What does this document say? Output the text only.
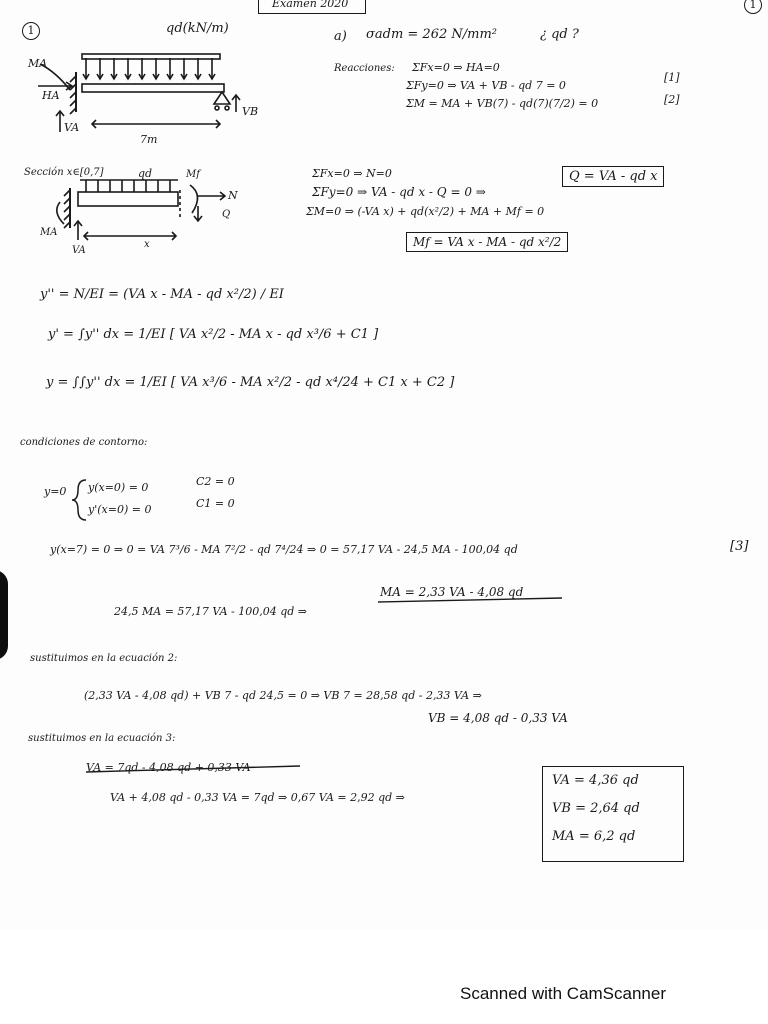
Examen 2020
1
1
qd(kN/m)
MA
HA
VA
VB
7m
a) σadm = 262 N/mm²	¿ qd ?
Reacciones: ΣFx=0 ⇒ HA=0
ΣFy=0 ⇒ VA + VB - qd 7 = 0
[1]
ΣM = MA + VB(7) - qd(7)(7/2) = 0	[2]
Sección x∈[0,7]	qd	Mf
N
Q
MA
VA
x
ΣFx=0 ⇒ N=0
ΣFy=0 ⇒ VA - qd x - Q = 0 ⇒
Q = VA - qd x
ΣM=0 ⇒ (-VA x) + qd(x²/2) + MA + Mf = 0
Mf = VA x - MA - qd x²/2
y'' = N/EI = (VA x - MA - qd x²/2) / EI
y' = ∫y'' dx = 1/EI [ VA x²/2 - MA x - qd x³/6 + C1 ]
y = ∫∫y'' dx = 1/EI [ VA x³/6 - MA x²/2 - qd x⁴/24 + C1 x + C2 ]
condiciones de contorno:
y=0 y(x=0) = 0
y'(x=0) = 0
C2 = 0
C1 = 0
y(x=7) = 0 ⇒ 0 = VA 7³/6 - MA 7²/2 - qd 7⁴/24 ⇒ 0 = 57,17 VA - 24,5 MA - 100,04 qd	[3]
24,5 MA = 57,17 VA - 100,04 qd ⇒
MA = 2,33 VA - 4,08 qd
sustituimos en la ecuación 2:
(2,33 VA - 4,08 qd) + VB 7 - qd 24,5 = 0 ⇒ VB 7 = 28,58 qd - 2,33 VA ⇒
VB = 4,08 qd - 0,33 VA
sustituimos en la ecuación 3:
VA = 7qd - 4,08 qd + 0,33 VA
VA + 4,08 qd - 0,33 VA = 7qd ⇒ 0,67 VA = 2,92 qd ⇒
VA = 4,36 qd
VB = 2,64 qd
MA = 6,2 qd
Scanned with CamScanner
